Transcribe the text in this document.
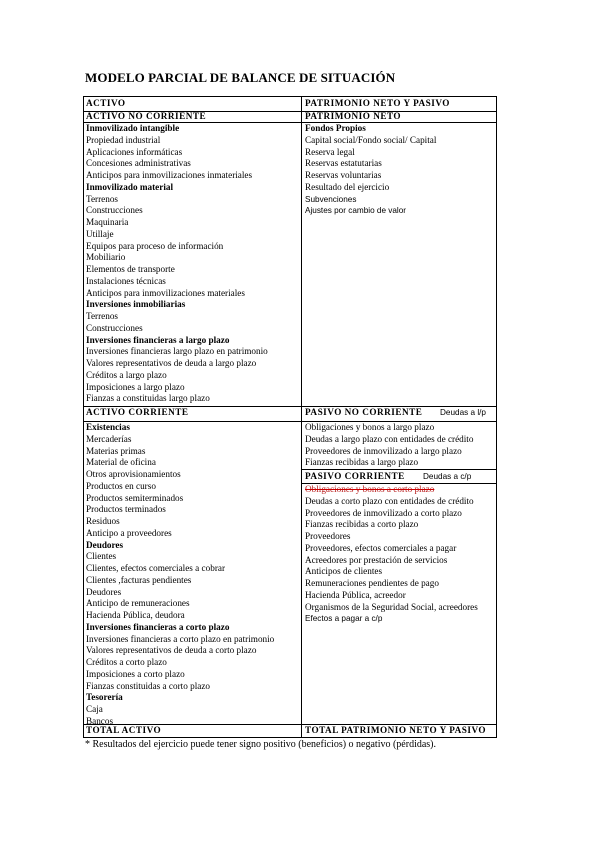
MODELO PARCIAL DE BALANCE DE SITUACIÓN
ACTIVO	PATRIMONIO NETO Y PASIVO
ACTIVO NO CORRIENTE
Inmovilizado intangible
Propiedad industrial
Aplicaciones informáticas
Concesiones administrativas
Anticipos para inmovilizaciones inmateriales
Inmovilizado material
Terrenos
Construcciones
Maquinaria
Utillaje
Equipos para proceso de información
Mobiliario
Elementos de transporte
Instalaciones técnicas
Anticipos para inmovilizaciones materiales
Inversiones inmobiliarias
Terrenos
Construcciones
Inversiones financieras a largo plazo
Inversiones financieras largo plazo en patrimonio
Valores representativos de deuda a largo plazo
Créditos a largo plazo
Imposiciones a largo plazo
Fianzas a constituidas largo plazo
PATRIMONIO NETO
Fondos Propios
Capital social/Fondo social/ Capital
Reserva legal
Reservas estatutarias
Reservas voluntarias
Resultado del ejercicio
Subvenciones
Ajustes por cambio de valor
ACTIVO CORRIENTE
Existencias
Mercaderías
Materias primas
Material de oficina
Otros aprovisionamientos
Productos en curso
Productos semiterminados
Productos terminados
Residuos
Anticipo a proveedores
Deudores
Clientes
Clientes, efectos comerciales a cobrar
Clientes ,facturas pendientes
Deudores
Anticipo de remuneraciones
Hacienda Pública, deudora
Inversiones financieras a corto plazo
Inversiones financieras a corto plazo en patrimonio
Valores representativos de deuda a corto plazo
Créditos a corto plazo
Imposiciones a corto plazo
Fianzas constituidas a corto plazo
Tesorería
Caja
Bancos
PASIVO NO CORRIENTE Deudas a l/p
Obligaciones y bonos a largo plazo
Deudas a largo plazo con entidades de crédito
Proveedores de inmovilizado a largo plazo
Fianzas recibidas a largo plazo
PASIVO CORRIENTE Deudas a c/p
Obligaciones y bonos a corto plazo
Deudas a corto plazo con entidades de crédito
Proveedores de inmovilizado a corto plazo
Fianzas recibidas a corto plazo
Proveedores
Proveedores, efectos comerciales a pagar
Acreedores por prestación de servicios
Anticipos de clientes
Remuneraciones pendientes de pago
Hacienda Pública, acreedor
Organismos de la Seguridad Social, acreedores
Efectos a pagar a c/p
TOTAL ACTIVO	TOTAL PATRIMONIO NETO Y PASIVO
* Resultados del ejercicio puede tener signo positivo (beneficios) o negativo (pérdidas).
